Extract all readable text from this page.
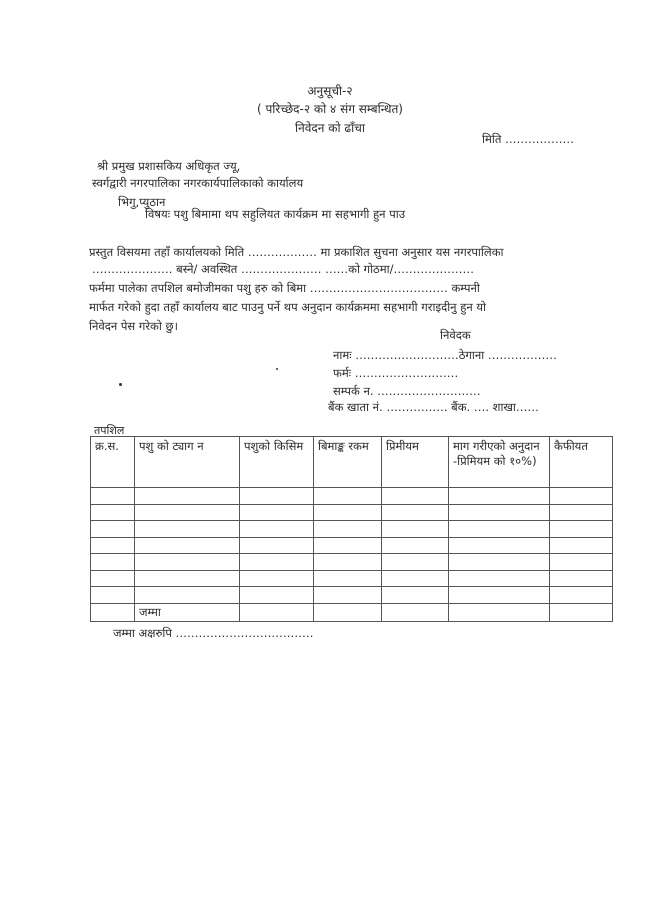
अनुसूची-२
( परिच्छेद-२ को ४ संग सम्बन्धित)
निवेदन को ढाँचा
मिति ………………
श्री प्रमुख प्रशासकिय अधिकृत ज्यू,
स्वर्गद्वारी नगरपालिका नगरकार्यपालिकाको कार्यालय
भिगु,प्युठान
विषयः पशु बिमामा थप सहुलियत कार्यक्रम मा सहभागी हुन पाउ
प्रस्तुत विसयमा तहाँ कार्यालयको मिति ……………… मा प्रकाशित सुचना अनुसार यस नगरपालिका
………………… बस्ने/ अवस्थित ………………… ……को गोठमा/…………………
फर्ममा पालेका तपशिल बमोजीमका पशु हरु को बिमा ……………………………… कम्पनी
मार्फत गरेको हुदा तहाँ कार्यालय बाट पाउनु पर्ने थप अनुदान कार्यक्रममा सहभागी गराइदीनु हुन यो
निवेदन पेस गरेको छु।
निवेदक
नामः ………………………ठेगाना ………………
फर्मः ………………………
सम्पर्क न. ………………………
बैंक खाता नं. ……………. बैंक. …. शाखा……
तपशिल
क्र.स.	पशु को ट्याग न	पशुको किसिम	बिमाङ्क रकम	प्रिमीयम	माग गरीएको अनुदान -प्रिमियम को १०%)	कैफीयत

	जम्मा					
जम्मा अक्षरुपि ………………………………
